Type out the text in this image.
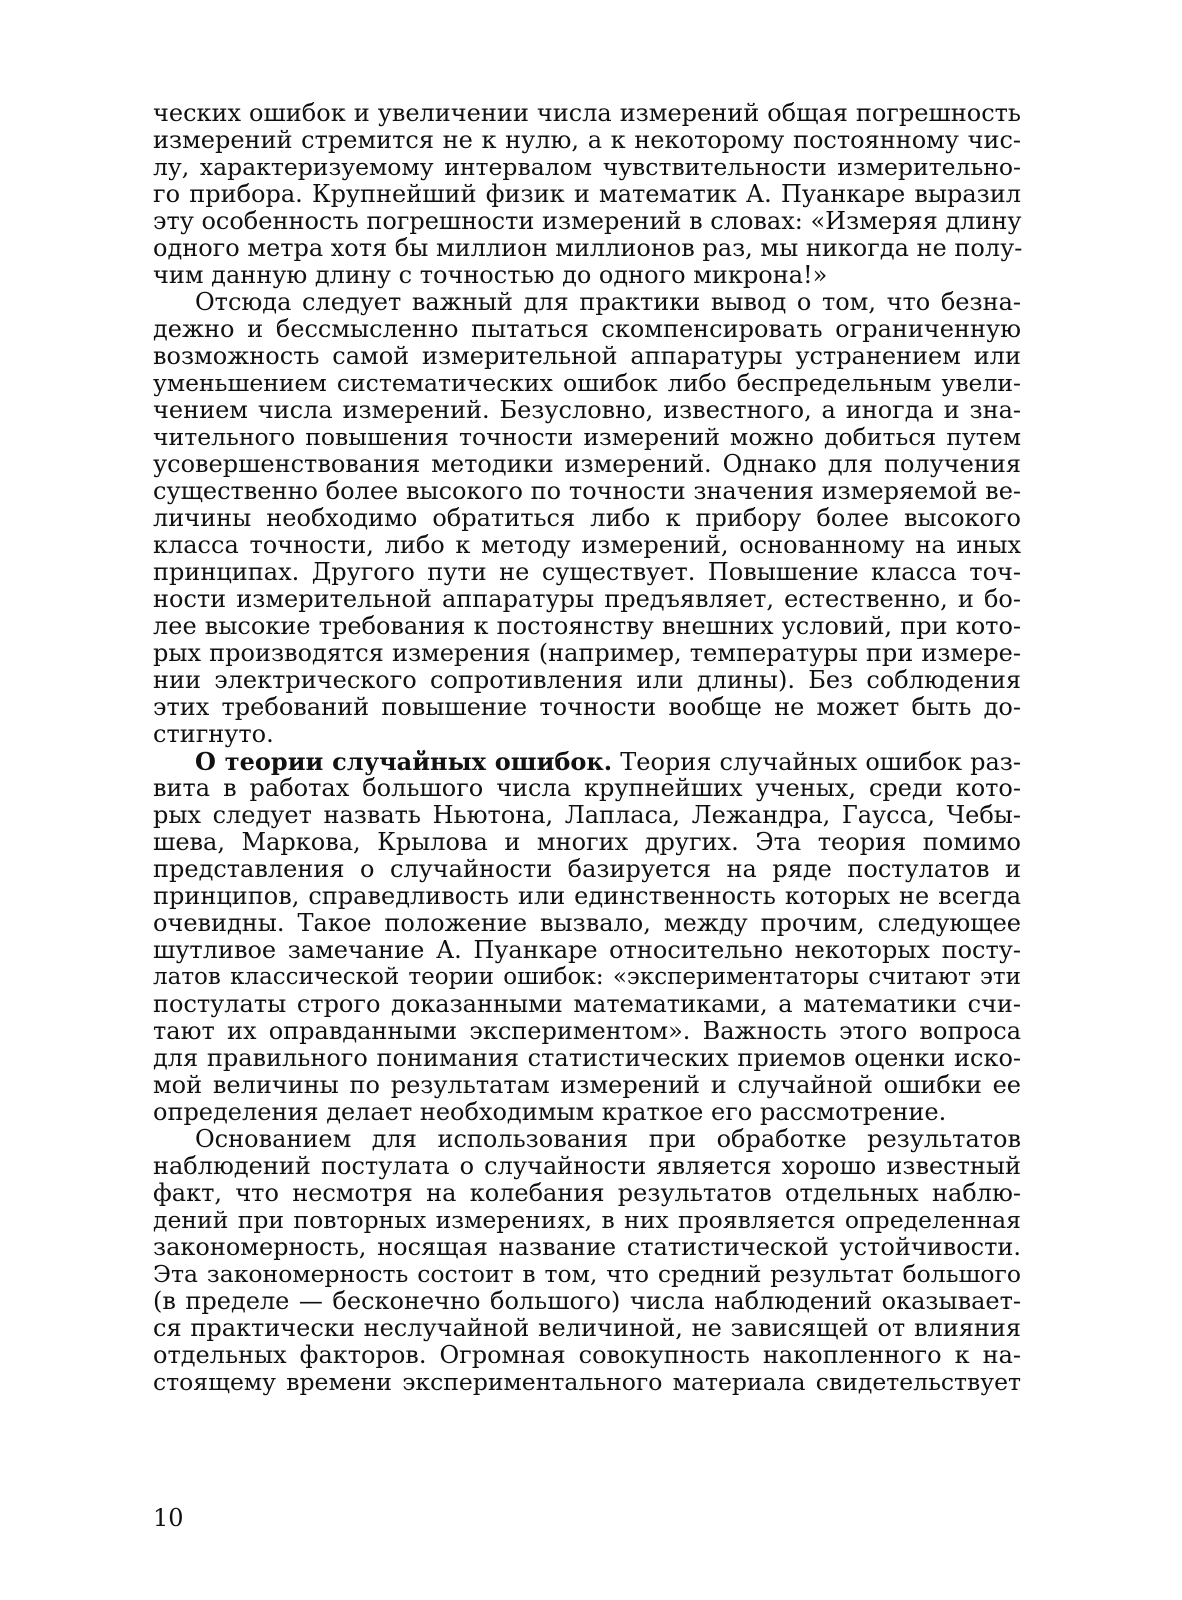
ческих ошибок и увеличении числа измерений общая погрешность
измерений стремится не к нулю, а к некоторому постоянному чис-
лу, характеризуемому интервалом чувствительности измерительно-
го прибора. Крупнейший физик и математик А. Пуанкаре выразил
эту особенность погрешности измерений в словах: «Измеряя длину
одного метра хотя бы миллион миллионов раз, мы никогда не полу-
чим данную длину с точностью до одного микрона!»
Отсюда следует важный для практики вывод о том, что безна-
дежно и бессмысленно пытаться скомпенсировать ограниченную
возможность самой измерительной аппаратуры устранением или
уменьшением систематических ошибок либо беспредельным увели-
чением числа измерений. Безусловно, известного, а иногда и зна-
чительного повышения точности измерений можно добиться путем
усовершенствования методики измерений. Однако для получения
существенно более высокого по точности значения измеряемой ве-
личины необходимо обратиться либо к прибору более высокого
класса точности, либо к методу измерений, основанному на иных
принципах. Другого пути не существует. Повышение класса точ-
ности измерительной аппаратуры предъявляет, естественно, и бо-
лее высокие требования к постоянству внешних условий, при кото-
рых производятся измерения (например, температуры при измере-
нии электрического сопротивления или длины). Без соблюдения
этих требований повышение точности вообще не может быть до-
стигнуто.
О теории случайных ошибок. Теория случайных ошибок раз-
вита в работах большого числа крупнейших ученых, среди кото-
рых следует назвать Ньютона, Лапласа, Лежандра, Гаусса, Чебы-
шева, Маркова, Крылова и многих других. Эта теория помимо
представления о случайности базируется на ряде постулатов и
принципов, справедливость или единственность которых не всегда
очевидны. Такое положение вызвало, между прочим, следующее
шутливое замечание А. Пуанкаре относительно некоторых посту-
латов классической теории ошибок: «экспериментаторы считают эти
постулаты строго доказанными математиками, а математики счи-
тают их оправданными экспериментом». Важность этого вопроса
для правильного понимания статистических приемов оценки иско-
мой величины по результатам измерений и случайной ошибки ее
определения делает необходимым краткое его рассмотрение.
Основанием для использования при обработке результатов
наблюдений постулата о случайности является хорошо известный
факт, что несмотря на колебания результатов отдельных наблю-
дений при повторных измерениях, в них проявляется определенная
закономерность, носящая название статистической устойчивости.
Эта закономерность состоит в том, что средний результат большого
(в пределе — бесконечно большого) числа наблюдений оказывает-
ся практически неслучайной величиной, не зависящей от влияния
отдельных факторов. Огромная совокупность накопленного к на-
стоящему времени экспериментального материала свидетельствует
10
